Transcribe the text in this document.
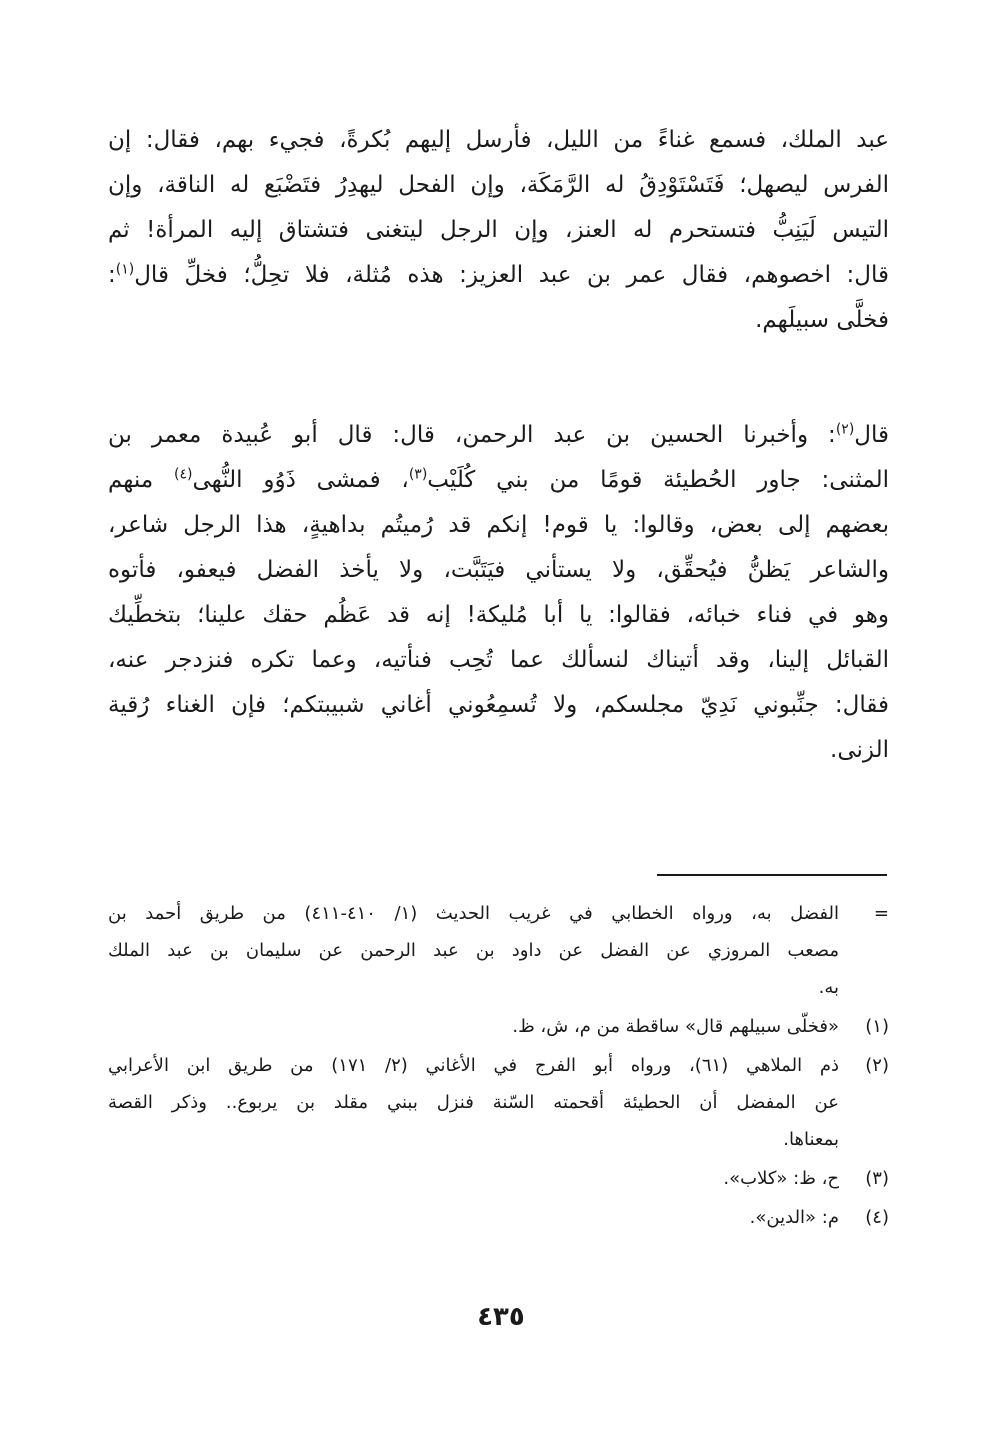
عبد الملك، فسمع غناءً من الليل، فأرسل إليهم بُكرةً، فجيء بهم، فقال: إن
الفرس ليصهل؛ فَتَسْتَوْدِقُ له الرَّمَكَة، وإن الفحل ليهدِرُ فتَضْبَع له الناقة، وإن
التيس لَيَنِبُّ فتستحرم له العنز، وإن الرجل ليتغنى فتشتاق إليه المرأة! ثم
قال: اخصوهم، فقال عمر بن عبد العزيز: هذه مُثلة، فلا تحِلُّ؛ فخلِّ قال$^{(١)}$:
فخلَّى سبيلَهم.
قال$^{(٢)}$: وأخبرنا الحسين بن عبد الرحمن، قال: قال أبو عُبيدة معمر بن
المثنى: جاور الحُطيئة قومًا من بني كُلَيْب$^{(٣)}$، فمشى ذَوُو النُّهى$^{(٤)}$ منهم
بعضهم إلى بعض، وقالوا: يا قوم! إنكم قد رُميتُم بداهيةٍ، هذا الرجل شاعر،
والشاعر يَظنُّ فيُحقِّق، ولا يستأني فيَتَبَّت، ولا يأخذ الفضل فيعفو، فأتوه
وهو في فناء خبائه، فقالوا: يا أبا مُليكة! إنه قد عَظُم حقك علينا؛ بتخطِّيك
القبائل إلينا، وقد أتيناك لنسألك عما تُحِب فنأتيه، وعما تكره فنزدجر عنه،
فقال: جنِّبوني نَدِيّ مجلسكم، ولا تُسمِعُوني أغاني شبيبتكم؛ فإن الغناء رُقية
الزنى.
=
الفضل به، ورواه الخطابي في غريب الحديث (١/ ٤١٠-٤١١) من طريق أحمد بن
مصعب المروزي عن الفضل عن داود بن عبد الرحمن عن سليمان بن عبد الملك
به.
(١)
«فخلّى سبيلهم قال» ساقطة من م، ش، ظ.
(٢)
ذم الملاهي (٦١)، ورواه أبو الفرج في الأغاني (٢/ ١٧١) من طريق ابن الأعرابي
عن المفضل أن الحطيئة أقحمته السّنة فنزل ببني مقلد بن يربوع.. وذكر القصة
بمعناها.
(٣)
ح، ظ: «كلاب».
(٤)
م: «الدين».
٤٣٥
